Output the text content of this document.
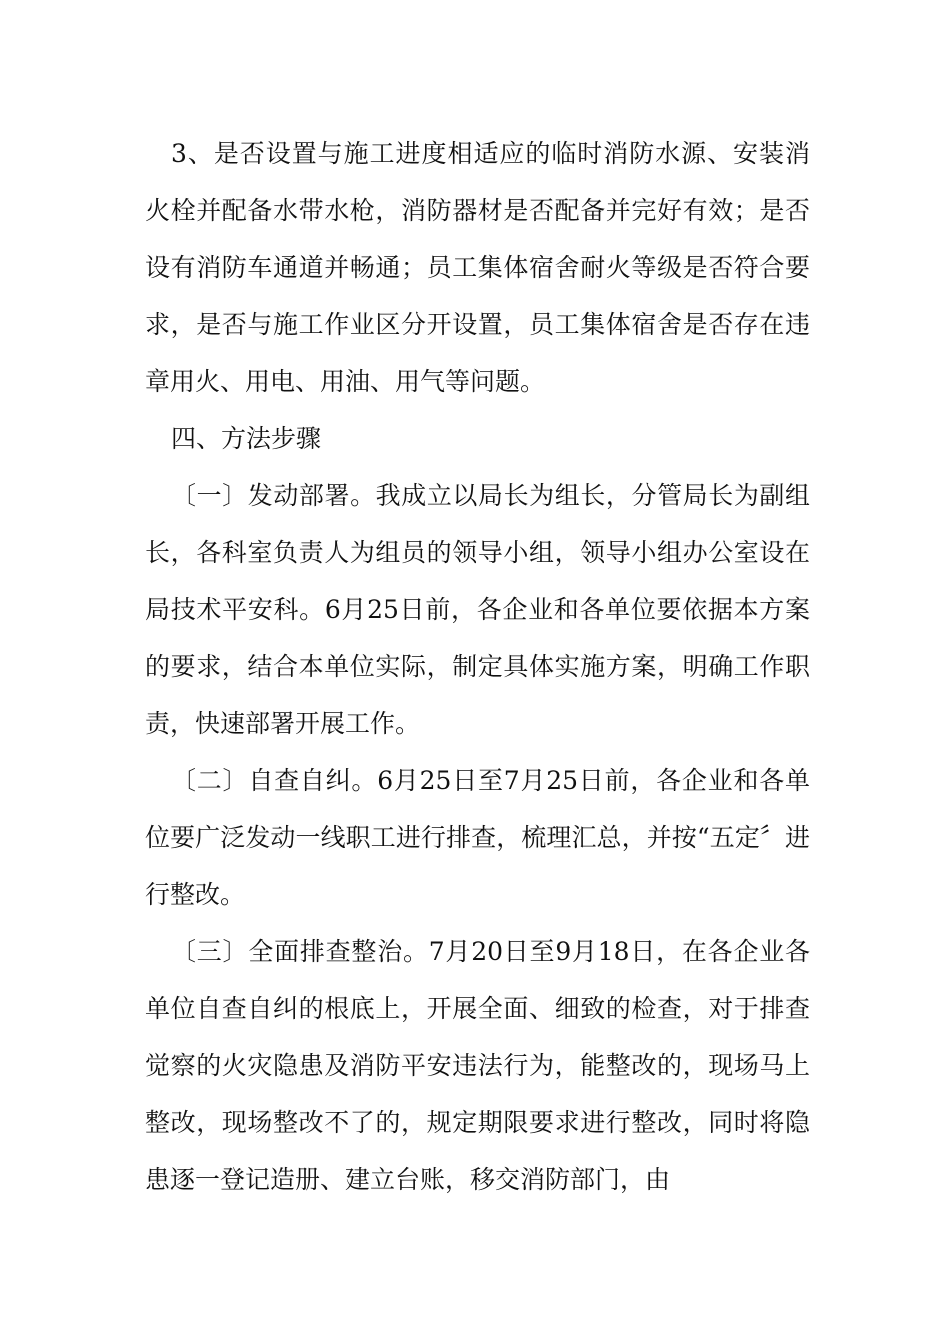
3、是否设置与施工进度相适应的临时消防水源、安装消火栓并配备水带水枪，消防器材是否配备并完好有效；是否设有消防车通道并畅通；员工集体宿舍耐火等级是否符合要求，是否与施工作业区分开设置，员工集体宿舍是否存在违章用火、用电、用油、用气等问题。

四、方法步骤

〔一〕发动部署。我成立以局长为组长，分管局长为副组长，各科室负责人为组员的领导小组，领导小组办公室设在局技术平安科。6月25日前，各企业和各单位要依据本方案的要求，结合本单位实际，制定具体实施方案，明确工作职责，快速部署开展工作。

〔二〕自查自纠。6月25日至7月25日前，各企业和各单位要广泛发动一线职工进行排查，梳理汇总，并按“五定〞进行整改。

〔三〕全面排查整治。7月20日至9月18日，在各企业各单位自查自纠的根底上，开展全面、细致的检查，对于排查觉察的火灾隐患及消防平安违法行为，能整改的，现场马上整改，现场整改不了的，规定期限要求进行整改，同时将隐患逐一登记造册、建立台账，移交消防部门，由
